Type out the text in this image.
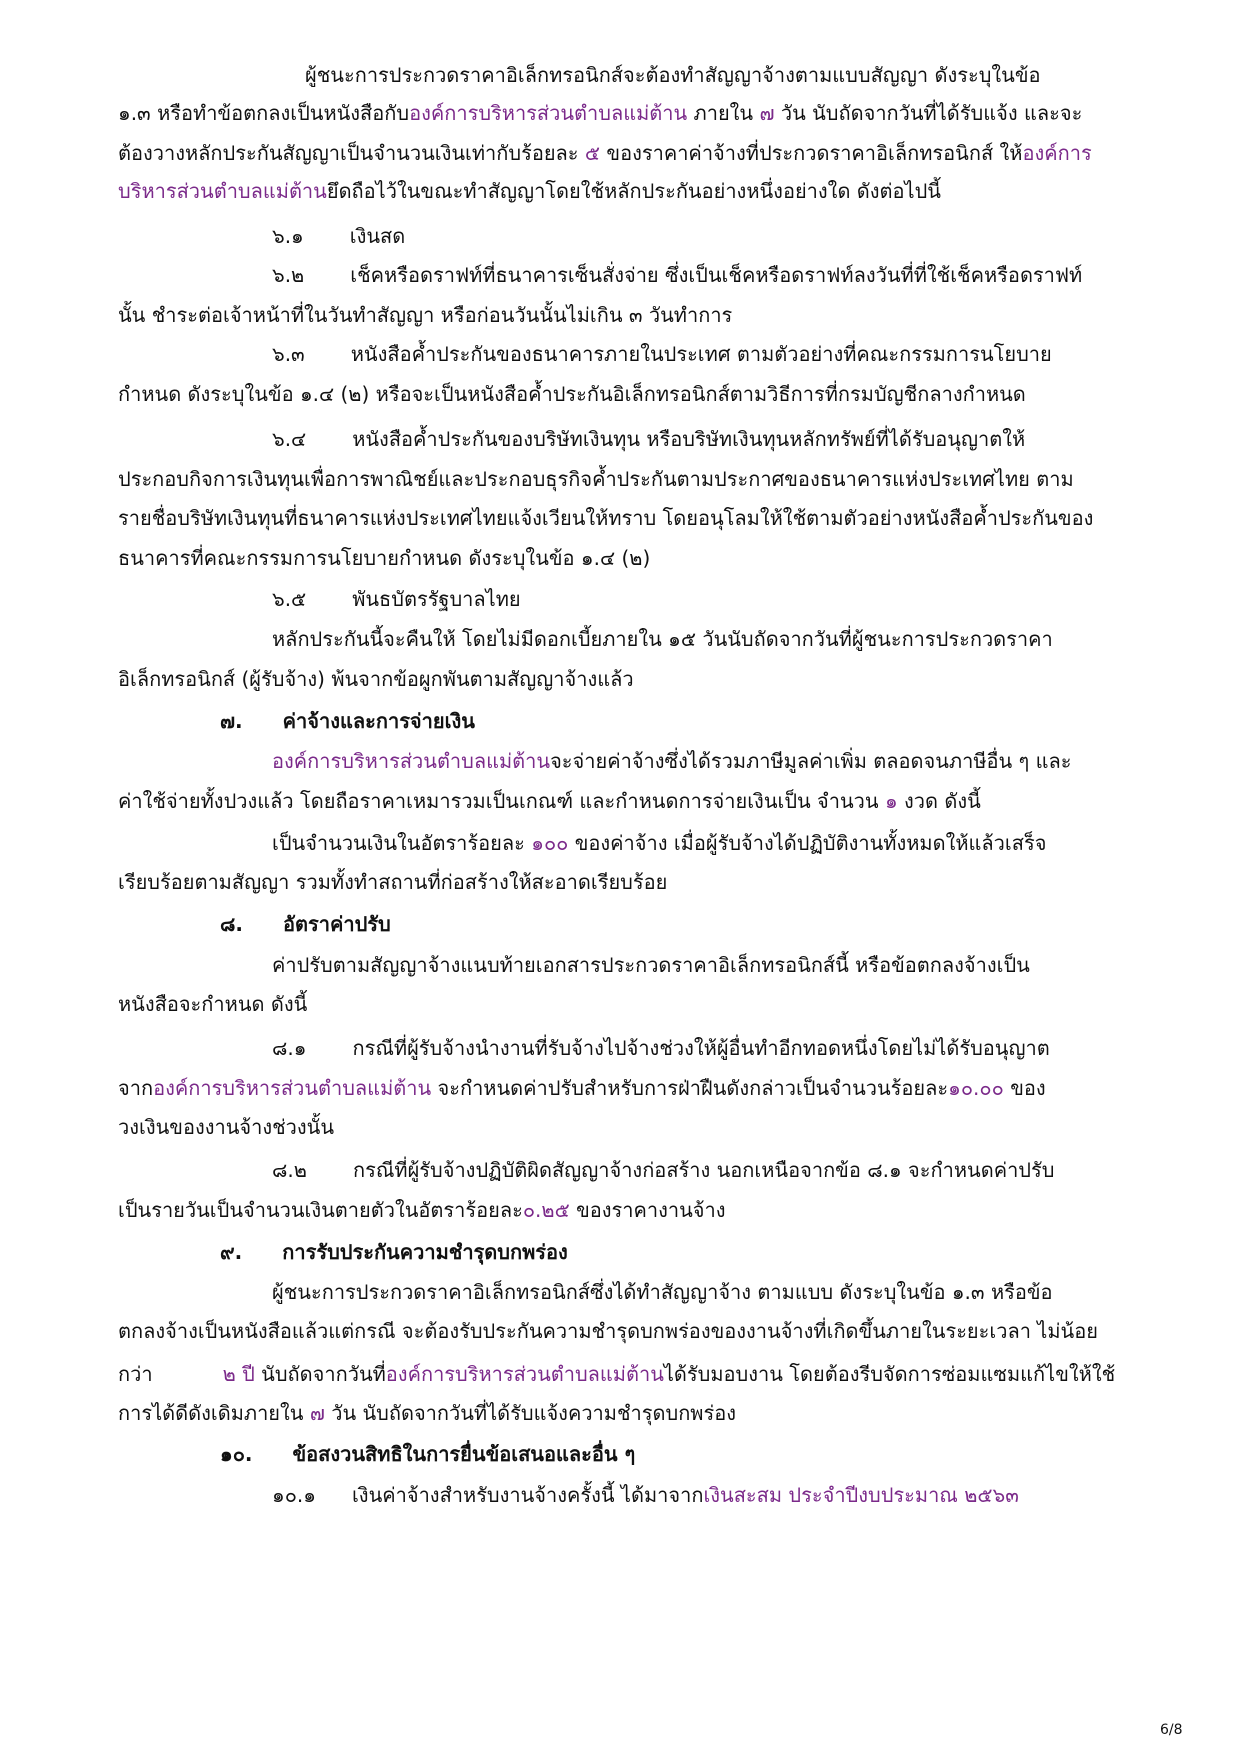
ผู้ชนะการประกวดราคาอิเล็กทรอนิกส์จะต้องทำสัญญาจ้างตามแบบสัญญา ดังระบุในข้อ
๑.๓ หรือทำข้อตกลงเป็นหนังสือกับองค์การบริหารส่วนตำบลแม่ต้าน ภายใน ๗ วัน นับถัดจากวันที่ได้รับแจ้ง และจะ
ต้องวางหลักประกันสัญญาเป็นจำนวนเงินเท่ากับร้อยละ ๕ ของราคาค่าจ้างที่ประกวดราคาอิเล็กทรอนิกส์ ให้องค์การ
บริหารส่วนตำบลแม่ต้านยึดถือไว้ในขณะทำสัญญาโดยใช้หลักประกันอย่างหนึ่งอย่างใด ดังต่อไปนี้
๖.๑ เงินสด
๖.๒ เช็คหรือดราฟท์ที่ธนาคารเซ็นสั่งจ่าย ซึ่งเป็นเช็คหรือดราฟท์ลงวันที่ที่ใช้เช็คหรือดราฟท์
นั้น ชำระต่อเจ้าหน้าที่ในวันทำสัญญา หรือก่อนวันนั้นไม่เกิน ๓ วันทำการ
๖.๓ หนังสือค้ำประกันของธนาคารภายในประเทศ ตามตัวอย่างที่คณะกรรมการนโยบาย
กำหนด ดังระบุในข้อ ๑.๔ (๒) หรือจะเป็นหนังสือค้ำประกันอิเล็กทรอนิกส์ตามวิธีการที่กรมบัญชีกลางกำหนด
๖.๔ หนังสือค้ำประกันของบริษัทเงินทุน หรือบริษัทเงินทุนหลักทรัพย์ที่ได้รับอนุญาตให้
ประกอบกิจการเงินทุนเพื่อการพาณิชย์และประกอบธุรกิจค้ำประกันตามประกาศของธนาคารแห่งประเทศไทย ตาม
รายชื่อบริษัทเงินทุนที่ธนาคารแห่งประเทศไทยแจ้งเวียนให้ทราบ โดยอนุโลมให้ใช้ตามตัวอย่างหนังสือค้ำประกันของ
ธนาคารที่คณะกรรมการนโยบายกำหนด ดังระบุในข้อ ๑.๔ (๒)
๖.๕ พันธบัตรรัฐบาลไทย
หลักประกันนี้จะคืนให้ โดยไม่มีดอกเบี้ยภายใน ๑๕ วันนับถัดจากวันที่ผู้ชนะการประกวดราคา
อิเล็กทรอนิกส์ (ผู้รับจ้าง) พ้นจากข้อผูกพันตามสัญญาจ้างแล้ว
๗. ค่าจ้างและการจ่ายเงิน
องค์การบริหารส่วนตำบลแม่ต้านจะจ่ายค่าจ้างซึ่งได้รวมภาษีมูลค่าเพิ่ม ตลอดจนภาษีอื่น ๆ และ
ค่าใช้จ่ายทั้งปวงแล้ว โดยถือราคาเหมารวมเป็นเกณฑ์ และกำหนดการจ่ายเงินเป็น จำนวน ๑ งวด ดังนี้
เป็นจำนวนเงินในอัตราร้อยละ ๑๐๐ ของค่าจ้าง เมื่อผู้รับจ้างได้ปฏิบัติงานทั้งหมดให้แล้วเสร็จ
เรียบร้อยตามสัญญา รวมทั้งทำสถานที่ก่อสร้างให้สะอาดเรียบร้อย
๘. อัตราค่าปรับ
ค่าปรับตามสัญญาจ้างแนบท้ายเอกสารประกวดราคาอิเล็กทรอนิกส์นี้ หรือข้อตกลงจ้างเป็น
หนังสือจะกำหนด ดังนี้
๘.๑ กรณีที่ผู้รับจ้างนำงานที่รับจ้างไปจ้างช่วงให้ผู้อื่นทำอีกทอดหนึ่งโดยไม่ได้รับอนุญาต
จากองค์การบริหารส่วนตำบลแม่ต้าน จะกำหนดค่าปรับสำหรับการฝ่าฝืนดังกล่าวเป็นจำนวนร้อยละ๑๐.๐๐ ของ
วงเงินของงานจ้างช่วงนั้น
๘.๒ กรณีที่ผู้รับจ้างปฏิบัติผิดสัญญาจ้างก่อสร้าง นอกเหนือจากข้อ ๘.๑ จะกำหนดค่าปรับ
เป็นรายวันเป็นจำนวนเงินตายตัวในอัตราร้อยละ๐.๒๕ ของราคางานจ้าง
๙. การรับประกันความชำรุดบกพร่อง
ผู้ชนะการประกวดราคาอิเล็กทรอนิกส์ซึ่งได้ทำสัญญาจ้าง ตามแบบ ดังระบุในข้อ ๑.๓ หรือข้อ
ตกลงจ้างเป็นหนังสือแล้วแต่กรณี จะต้องรับประกันความชำรุดบกพร่องของงานจ้างที่เกิดขึ้นภายในระยะเวลา ไม่น้อย
กว่า	๒ ปี นับถัดจากวันที่องค์การบริหารส่วนตำบลแม่ต้านได้รับมอบงาน โดยต้องรีบจัดการซ่อมแซมแก้ไขให้ใช้
การได้ดีดังเดิมภายใน ๗ วัน นับถัดจากวันที่ได้รับแจ้งความชำรุดบกพร่อง
๑๐. ข้อสงวนสิทธิในการยื่นข้อเสนอและอื่น ๆ
๑๐.๑ เงินค่าจ้างสำหรับงานจ้างครั้งนี้ ได้มาจากเงินสะสม ประจำปีงบประมาณ ๒๕๖๓
6/8
